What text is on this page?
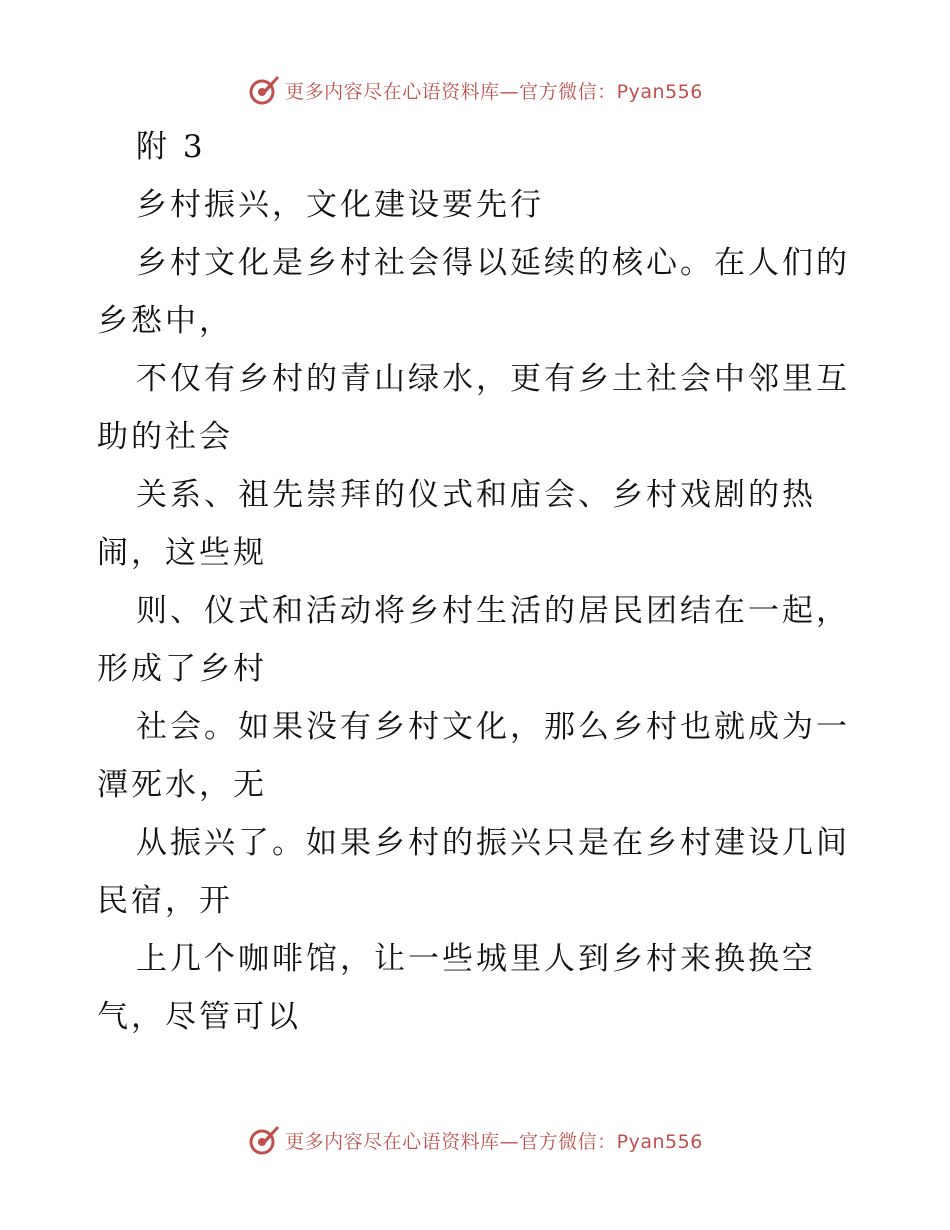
更多内容尽在心语资料库—官方微信：Pyan556
附 3
乡村振兴，文化建设要先行
乡村文化是乡村社会得以延续的核心。在人们的
乡愁中，
不仅有乡村的青山绿水，更有乡土社会中邻里互
助的社会
关系、祖先崇拜的仪式和庙会、乡村戏剧的热
闹，这些规
则、仪式和活动将乡村生活的居民团结在一起，
形成了乡村
社会。如果没有乡村文化，那么乡村也就成为一
潭死水，无
从振兴了。如果乡村的振兴只是在乡村建设几间
民宿，开
上几个咖啡馆，让一些城里人到乡村来换换空
气，尽管可以
更多内容尽在心语资料库—官方微信：Pyan556
